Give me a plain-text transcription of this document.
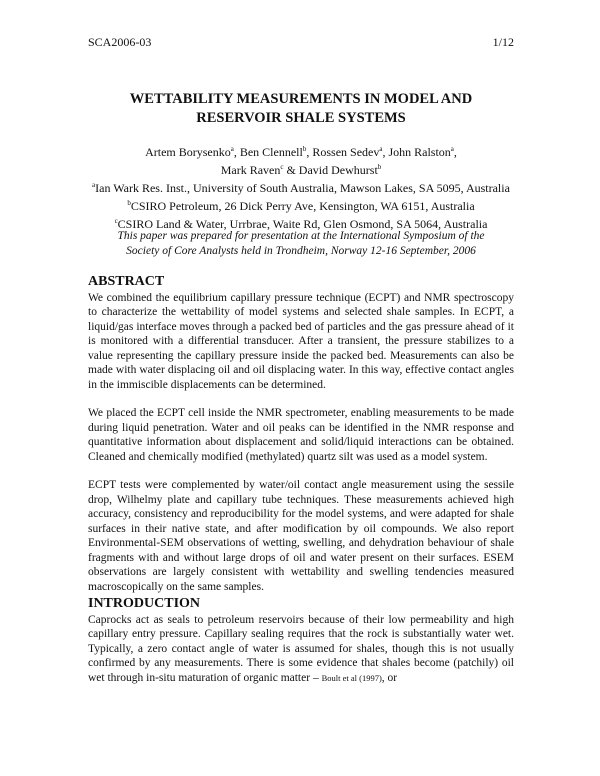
SCA2006-03	1/12
WETTABILITY MEASUREMENTS IN MODEL AND
RESERVOIR SHALE SYSTEMS
Artem Borysenko$^a$, Ben Clennell$^b$, Rossen Sedev$^a$, John Ralston$^a$,
Mark Raven$^c$ & David Dewhurst$^b$
$^a$Ian Wark Res. Inst., University of South Australia, Mawson Lakes, SA 5095, Australia
$^b$CSIRO Petroleum, 26 Dick Perry Ave, Kensington, WA 6151, Australia
$^c$CSIRO Land & Water, Urrbrae, Waite Rd, Glen Osmond, SA 5064, Australia
This paper was prepared for presentation at the International Symposium of the
Society of Core Analysts held in Trondheim, Norway 12-16 September, 2006
ABSTRACT

We combined the equilibrium capillary pressure technique (ECPT) and NMR spectroscopy to characterize the wettability of model systems and selected shale samples. In ECPT, a liquid/gas interface moves through a packed bed of particles and the gas pressure ahead of it is monitored with a differential transducer. After a transient, the pressure stabilizes to a value representing the capillary pressure inside the packed bed. Measurements can also be made with water displacing oil and oil displacing water. In this way, effective contact angles in the immiscible displacements can be determined.

We placed the ECPT cell inside the NMR spectrometer, enabling measurements to be made during liquid penetration. Water and oil peaks can be identified in the NMR response and quantitative information about displacement and solid/liquid interactions can be obtained. Cleaned and chemically modified (methylated) quartz silt was used as a model system.

ECPT tests were complemented by water/oil contact angle measurement using the sessile drop, Wilhelmy plate and capillary tube techniques. These measurements achieved high accuracy, consistency and reproducibility for the model systems, and were adapted for shale surfaces in their native state, and after modification by oil compounds. We also report Environmental-SEM observations of wetting, swelling, and dehydration behaviour of shale fragments with and without large drops of oil and water present on their surfaces. ESEM observations are largely consistent with wettability and swelling tendencies measured macroscopically on the same samples.

INTRODUCTION

Caprocks act as seals to petroleum reservoirs because of their low permeability and high capillary entry pressure. Capillary sealing requires that the rock is substantially water wet. Typically, a zero contact angle of water is assumed for shales, though this is not usually confirmed by any measurements. There is some evidence that shales become (patchily) oil wet through in-situ maturation of organic matter – Boult et al (1997), or
